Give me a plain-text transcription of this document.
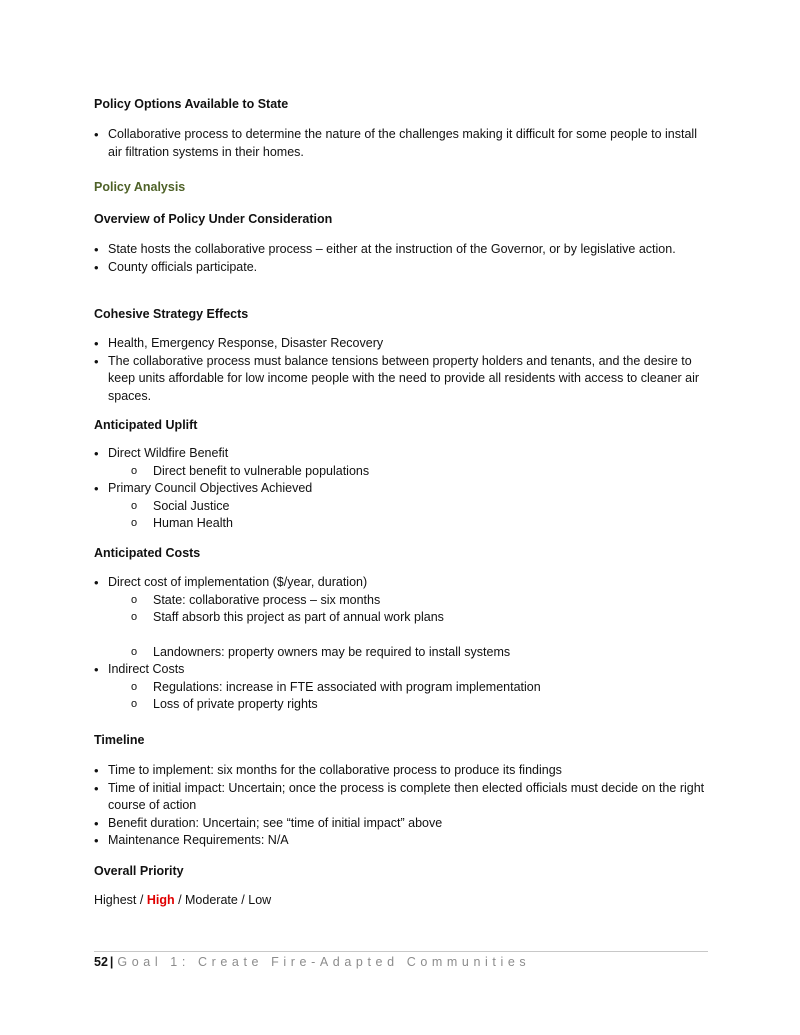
Policy Options Available to State
• Collaborative process to determine the nature of the challenges making it difficult for some people to install air filtration systems in their homes.
Policy Analysis
Overview of Policy Under Consideration
• State hosts the collaborative process – either at the instruction of the Governor, or by legislative action.
• County officials participate.
Cohesive Strategy Effects
• Health, Emergency Response, Disaster Recovery
• The collaborative process must balance tensions between property holders and tenants, and the desire to keep units affordable for low income people with the need to provide all residents with access to cleaner air spaces.
Anticipated Uplift
• Direct Wildfire Benefit
o Direct benefit to vulnerable populations
• Primary Council Objectives Achieved
o Social Justice
o Human Health
Anticipated Costs
• Direct cost of implementation ($/year, duration)
o State: collaborative process – six months
o Staff absorb this project as part of annual work plans
o Landowners: property owners may be required to install systems
• Indirect Costs
o Regulations: increase in FTE associated with program implementation
o Loss of private property rights
Timeline
• Time to implement: six months for the collaborative process to produce its findings
• Time of initial impact: Uncertain; once the process is complete then elected officials must decide on the right course of action
• Benefit duration: Uncertain; see “time of initial impact” above
• Maintenance Requirements: N/A
Overall Priority
Highest / High / Moderate / Low
52 | Goal 1: Create Fire-Adapted Communities
